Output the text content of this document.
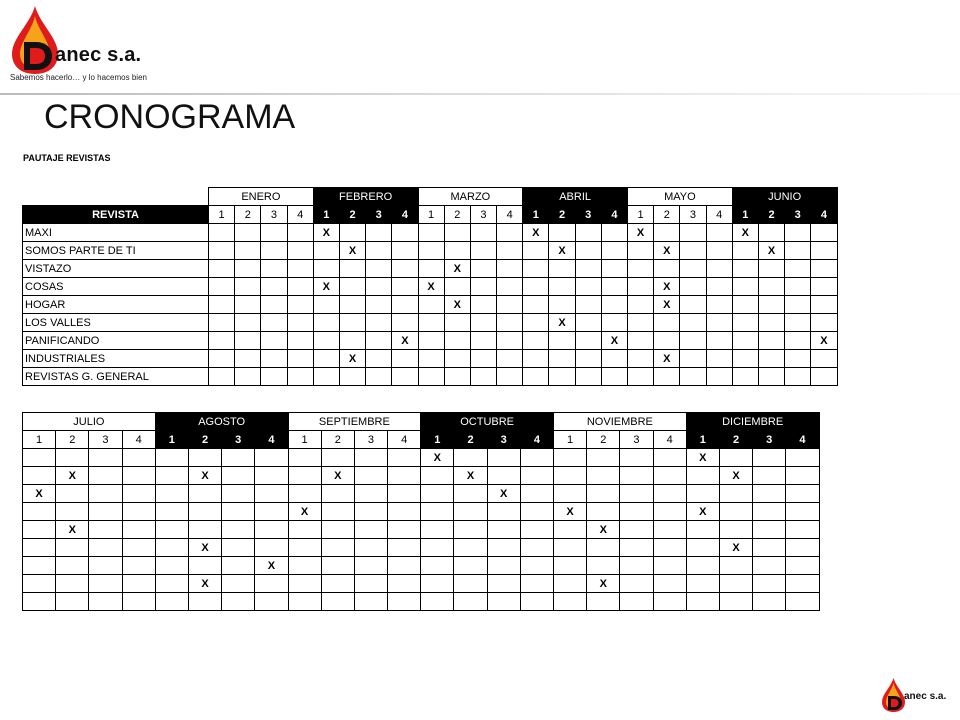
anec s.a.
Sabemos hacerlo… y lo hacemos bien
CRONOGRAMA
PAUTAJE REVISTAS
	ENERO				FEBRERO				MARZO				ABRIL				MAYO				JUNIO			
REVISTA	1	2	3	4	1	2	3	4	1	2	3	4	1	2	3	4	1	2	3	4	1	2	3	4
MAXI					X								X				X				X			
SOMOS PARTE DE TI						X								X				X				X		
VISTAZO										X														
COSAS					X				X									X						
HOGAR										X								X						
LOS VALLES														X										
PANIFICANDO								X								X								X
INDUSTRIALES						X												X						
REVISTAS G. GENERAL																								
JULIO				AGOSTO				SEPTIEMBRE				OCTUBRE				NOVIEMBRE				DICIEMBRE			
1	2	3	4	1	2	3	4	1	2	3	4	1	2	3	4	1	2	3	4	1	2	3	4
												X								X			
	X				X				X				X								X		
X														X									
								X								X				X			
	X																X						
					X																X		
							X																
					X												X						

anec s.a.
